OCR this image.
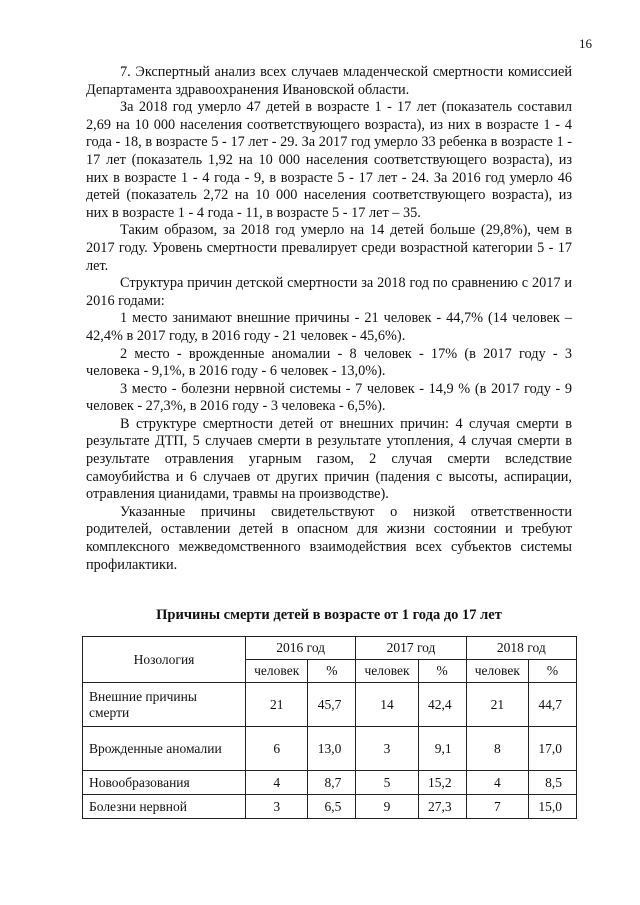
16

7. Экспертный анализ всех случаев младенческой смертности комиссией Департамента здравоохранения Ивановской области.

За 2018 год умерло 47 детей в возрасте 1 - 17 лет (показатель составил 2,69 на 10 000 населения соответствующего возраста), из них в возрасте 1 - 4 года - 18, в возрасте 5 - 17 лет - 29. За 2017 год умерло 33 ребенка в возрасте 1 - 17 лет (показатель 1,92 на 10 000 населения соответствующего возраста), из них в возрасте 1 - 4 года - 9, в возрасте 5 - 17 лет - 24. За 2016 год умерло 46 детей (показатель 2,72 на 10 000 населения соответствующего возраста), из них в возрасте 1 - 4 года - 11, в возрасте 5 - 17 лет – 35.

Таким образом, за 2018 год умерло на 14 детей больше (29,8%), чем в 2017 году. Уровень смертности превалирует среди возрастной категории 5 - 17 лет.

Структура причин детской смертности за 2018 год по сравнению с 2017 и 2016 годами:

1 место занимают внешние причины - 21 человек - 44,7% (14 человек – 42,4% в 2017 году, в 2016 году - 21 человек - 45,6%).

2 место - врожденные аномалии - 8 человек - 17% (в 2017 году - 3 человека - 9,1%, в 2016 году - 6 человек - 13,0%).

3 место - болезни нервной системы - 7 человек - 14,9 % (в 2017 году - 9 человек - 27,3%, в 2016 году - 3 человека - 6,5%).

В структуре смертности детей от внешних причин: 4 случая смерти в результате ДТП, 5 случаев смерти в результате утопления, 4 случая смерти в результате отравления угарным газом, 2 случая смерти вследствие самоубийства и 6 случаев от других причин (падения с высоты, аспирации, отравления цианидами, травмы на производстве).

Указанные причины свидетельствуют о низкой ответственности родителей, оставлении детей в опасном для жизни состоянии и требуют комплексного межведомственного взаимодействия всех субъектов системы профилактики.

Причины смерти детей в возрасте от 1 года до 17 лет
Нозология	2016 год		2017 год		2018 год	
	человек	%	человек	%	человек	%
Внешние причины смерти	21	45,7	14	42,4	21	44,7
Врожденные аномалии	6	13,0	3	9,1	8	17,0
Новообразования	4	8,7	5	15,2	4	8,5
Болезни нервной	3	6,5	9	27,3	7	15,0
